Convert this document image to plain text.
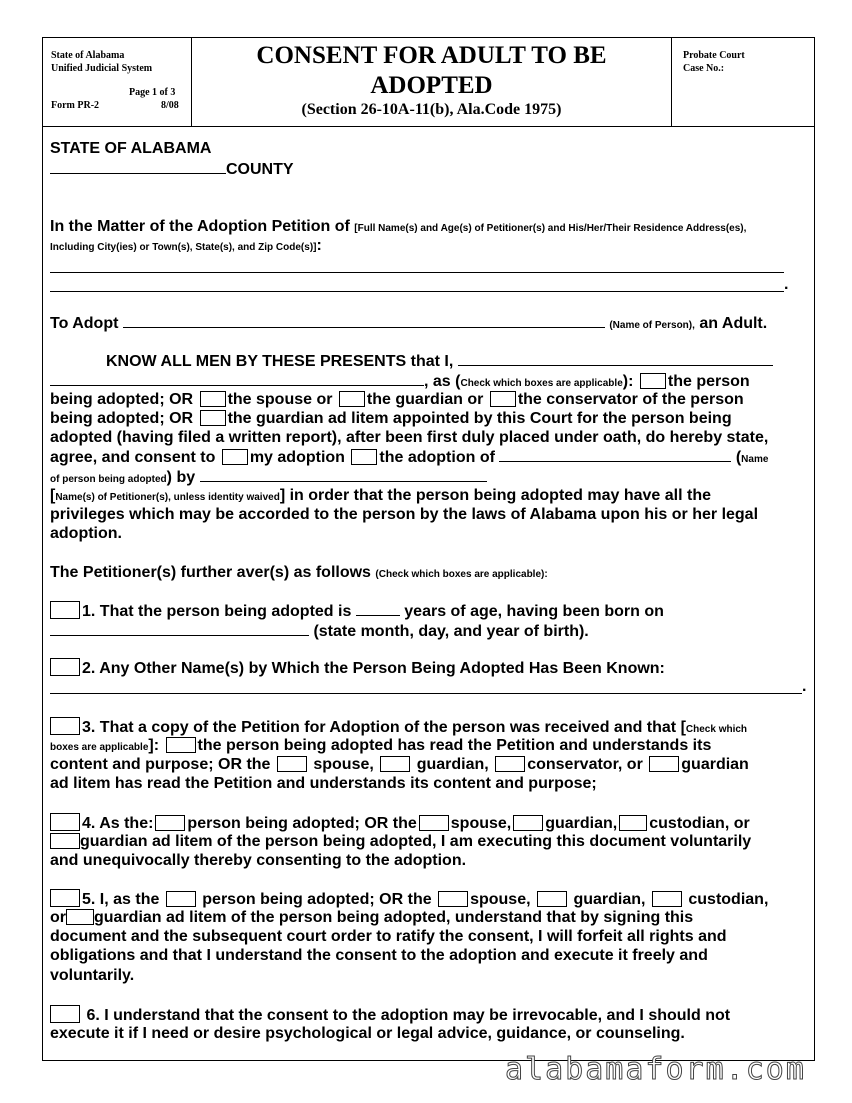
State of Alabama
Unified Judicial System
Page 1 of 3
Form PR-2	8/08
CONSENT FOR ADULT TO BE
ADOPTED
(Section 26-10A-11(b), Ala.Code 1975)
Probate Court
Case No.:
STATE OF ALABAMA
COUNTY
In the Matter of the Adoption Petition of [Full Name(s) and Age(s) of Petitioner(s) and His/Her/Their Residence Address(es),
Including City(ies) or Town(s), State(s), and Zip Code(s)]:
.
To Adopt	(Name of Person), an Adult.
KNOW ALL MEN BY THESE PRESENTS that I,
, as (Check which boxes are applicable): the person
being adopted; OR the spouse or the guardian or the conservator of the person
being adopted; OR the guardian ad litem appointed by this Court for the person being
adopted (having filed a written report), after been first duly placed under oath, do hereby state,
agree, and consent to my adoption the adoption of	(Name
of person being adopted) by
[Name(s) of Petitioner(s), unless identity waived] in order that the person being adopted may have all the
privileges which may be accorded to the person by the laws of Alabama upon his or her legal
adoption.
The Petitioner(s) further aver(s) as follows (Check which boxes are applicable):
1. That the person being adopted is	years of age, having been born on
(state month, day, and year of birth).
2. Any Other Name(s) by Which the Person Being Adopted Has Been Known:
.
3. That a copy of the Petition for Adoption of the person was received and that [Check which
boxes are applicable]: the person being adopted has read the Petition and understands its
content and purpose; OR the	spouse,	guardian, conservator, or guardian
ad litem has read the Petition and understands its content and purpose;
4. As the: person being adopted; OR the spouse, guardian, custodian, or
guardian ad litem of the person being adopted, I am executing this document voluntarily
and unequivocally thereby consenting to the adoption.
5. I, as the	person being adopted; OR the spouse,	guardian,	custodian,
or guardian ad litem of the person being adopted, understand that by signing this
document and the subsequent court order to ratify the consent, I will forfeit all rights and
obligations and that I understand the consent to the adoption and execute it freely and
voluntarily.
6. I understand that the consent to the adoption may be irrevocable, and I should not
execute it if I need or desire psychological or legal advice, guidance, or counseling.
alabamaform.com
